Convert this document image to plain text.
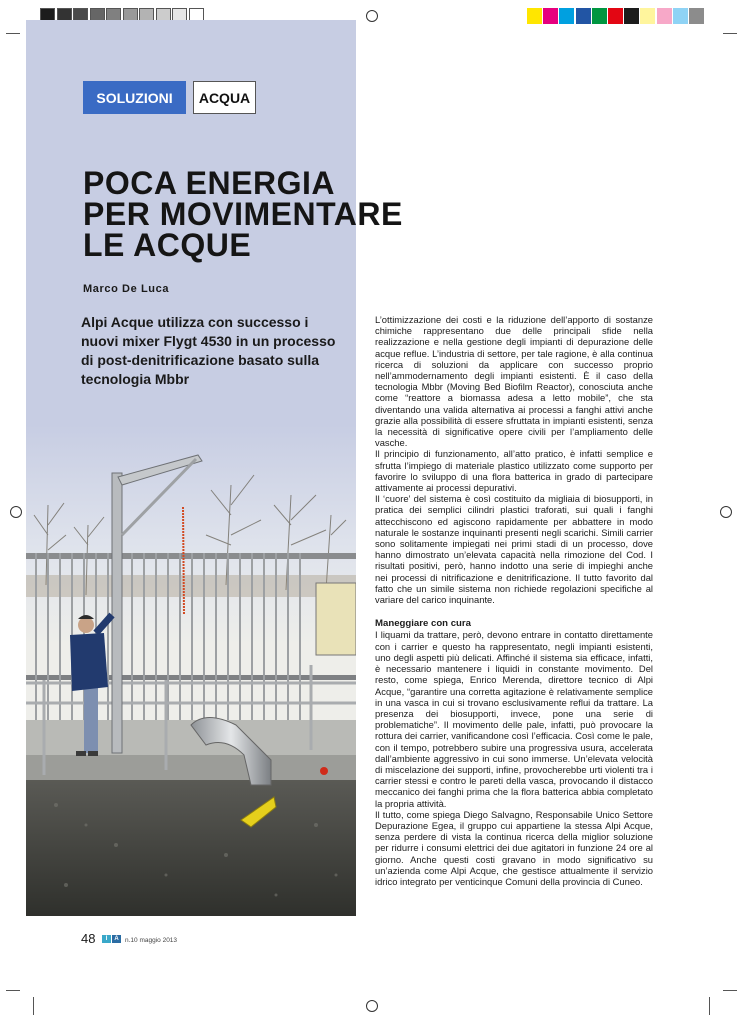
SOLUZIONI	ACQUA
POCA ENERGIA
PER MOVIMENTARE
LE ACQUE
Marco De Luca
Alpi Acque utilizza con successo i nuovi mixer Flygt 4530 in un processo di post-denitrificazione basato sulla tecnologia Mbbr

L’ottimizzazione dei costi e la riduzione dell’apporto di sostanze chimiche rappresentano due delle principali sfide nella realizzazione e nella gestione degli impianti di depurazione delle acque reflue. L’industria di settore, per tale ragione, è alla continua ricerca di soluzioni da applicare con successo proprio nell’ammodernamento degli impianti esistenti. È il caso della tecnologia Mbbr (Moving Bed Biofilm Reactor), conosciuta anche come “reattore a biomassa adesa a letto mobile”, che sta diventando una valida alternativa ai processi a fanghi attivi anche grazie alla possibilità di essere sfruttata in impianti esistenti, senza la necessità di significative opere civili per l’ampliamento delle vasche.

Il principio di funzionamento, all’atto pratico, è infatti semplice e sfrutta l’impiego di materiale plastico utilizzato come supporto per favorire lo sviluppo di una flora batterica in grado di partecipare attivamente ai processi depurativi.

Il ‘cuore’ del sistema è così costituito da migliaia di biosupporti, in pratica dei semplici cilindri plastici traforati, sui quali i fanghi attecchiscono ed agiscono rapidamente per abbattere in modo naturale le sostanze inquinanti presenti negli scarichi. Simili carrier sono solitamente impiegati nei primi stadi di un processo, dove hanno dimostrato un’elevata capacità nella rimozione del Cod. I risultati positivi, però, hanno indotto una serie di impieghi anche nei processi di nitrificazione e denitrificazione. Il tutto favorito dal fatto che un simile sistema non richiede regolazioni specifiche al variare del carico inquinante.

Maneggiare con cura

I liquami da trattare, però, devono entrare in contatto direttamente con i carrier e questo ha rappresentato, negli impianti esistenti, uno degli aspetti più delicati. Affinché il sistema sia efficace, infatti, è necessario mantenere i liquidi in constante movimento. Del resto, come spiega, Enrico Merenda, direttore tecnico di Alpi Acque, “garantire una corretta agitazione è relativamente semplice in una vasca in cui si trovano esclusivamente reflui da trattare. La presenza dei biosupporti, invece, pone una serie di problematiche”. Il movimento delle pale, infatti, può provocare la rottura dei carrier, vanificandone così l’efficacia. Così come le pale, con il tempo, potrebbero subire una progressiva usura, accelerata dall’ambiente aggressivo in cui sono immerse. Un’elevata velocità di miscelazione dei supporti, infine, provocherebbe urti violenti tra i carrier stessi e contro le pareti della vasca, provocando il distacco meccanico dei fanghi prima che la flora batterica abbia completato la propria attività.

Il tutto, come spiega Diego Salvagno, Responsabile Unico Settore Depurazione Egea, il gruppo cui appartiene la stessa Alpi Acque, senza perdere di vista la continua ricerca della miglior soluzione per ridurre i consumi elettrici dei due agitatori in funzione 24 ore al giorno. Anche questi costi gravano in modo significativo su un’azienda come Alpi Acque, che gestisce attualmente il servizio idrico integrato per venticinque Comuni della provincia di Cuneo.

48	I	A n.10 maggio 2013
